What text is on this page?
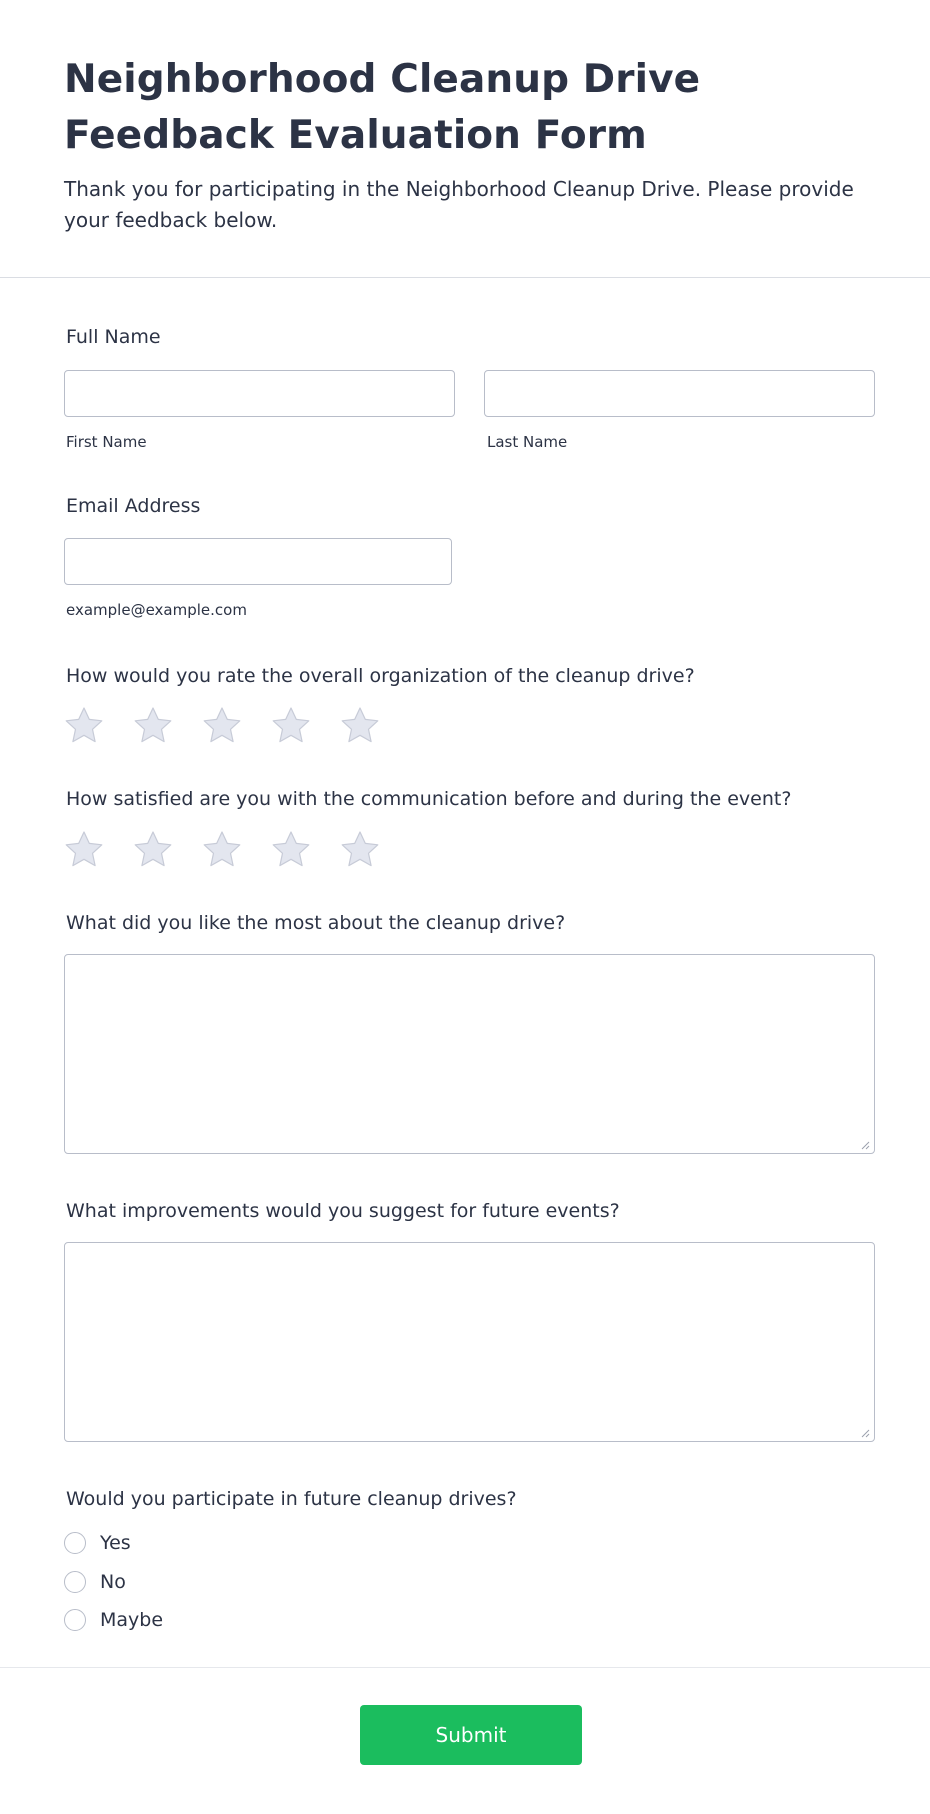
Neighborhood Cleanup Drive Feedback Evaluation Form

Thank you for participating in the Neighborhood Cleanup Drive. Please provide your feedback below.

Full Name
First Name	Last Name
Email Address
example@example.com
How would you rate the overall organization of the cleanup drive?
How satisfied are you with the communication before and during the event?
What did you like the most about the cleanup drive?
What improvements would you suggest for future events?
Would you participate in future cleanup drives?
Yes
No
Maybe
Submit
